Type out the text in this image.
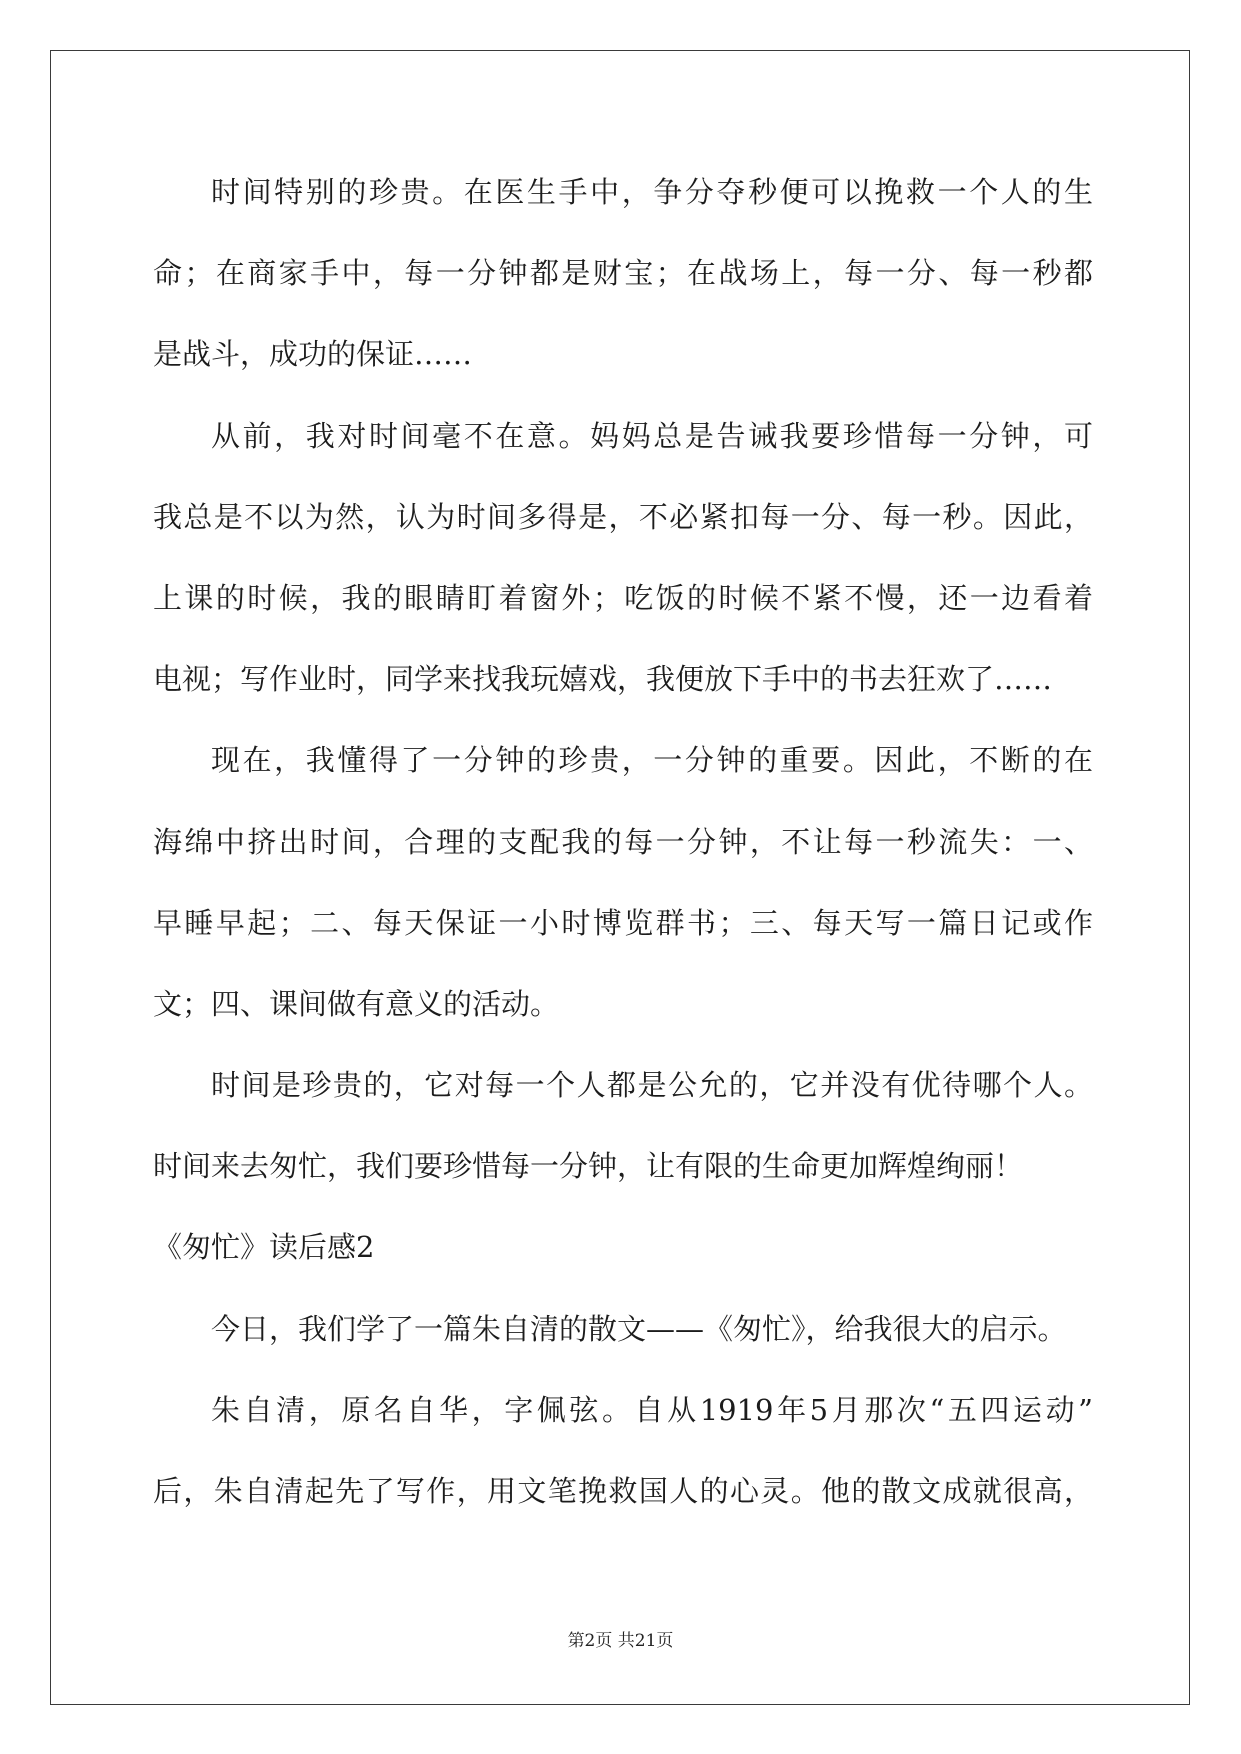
时间特别的珍贵。在医生手中，争分夺秒便可以挽救一个人的生
命；在商家手中，每一分钟都是财宝；在战场上，每一分、每一秒都
是战斗，成功的保证……
从前，我对时间毫不在意。妈妈总是告诫我要珍惜每一分钟，可
我总是不以为然，认为时间多得是，不必紧扣每一分、每一秒。因此，
上课的时候，我的眼睛盯着窗外；吃饭的时候不紧不慢，还一边看着
电视；写作业时，同学来找我玩嬉戏，我便放下手中的书去狂欢了……
现在，我懂得了一分钟的珍贵，一分钟的重要。因此，不断的在
海绵中挤出时间，合理的支配我的每一分钟，不让每一秒流失：一、
早睡早起；二、每天保证一小时博览群书；三、每天写一篇日记或作
文；四、课间做有意义的活动。
时间是珍贵的，它对每一个人都是公允的，它并没有优待哪个人。
时间来去匆忙，我们要珍惜每一分钟，让有限的生命更加辉煌绚丽！
《匆忙》读后感2
今日，我们学了一篇朱自清的散文——《匆忙》，给我很大的启示。
朱自清，原名自华，字佩弦。自从1919年5月那次“五四运动”
后，朱自清起先了写作，用文笔挽救国人的心灵。他的散文成就很高，
第2页 共21页
